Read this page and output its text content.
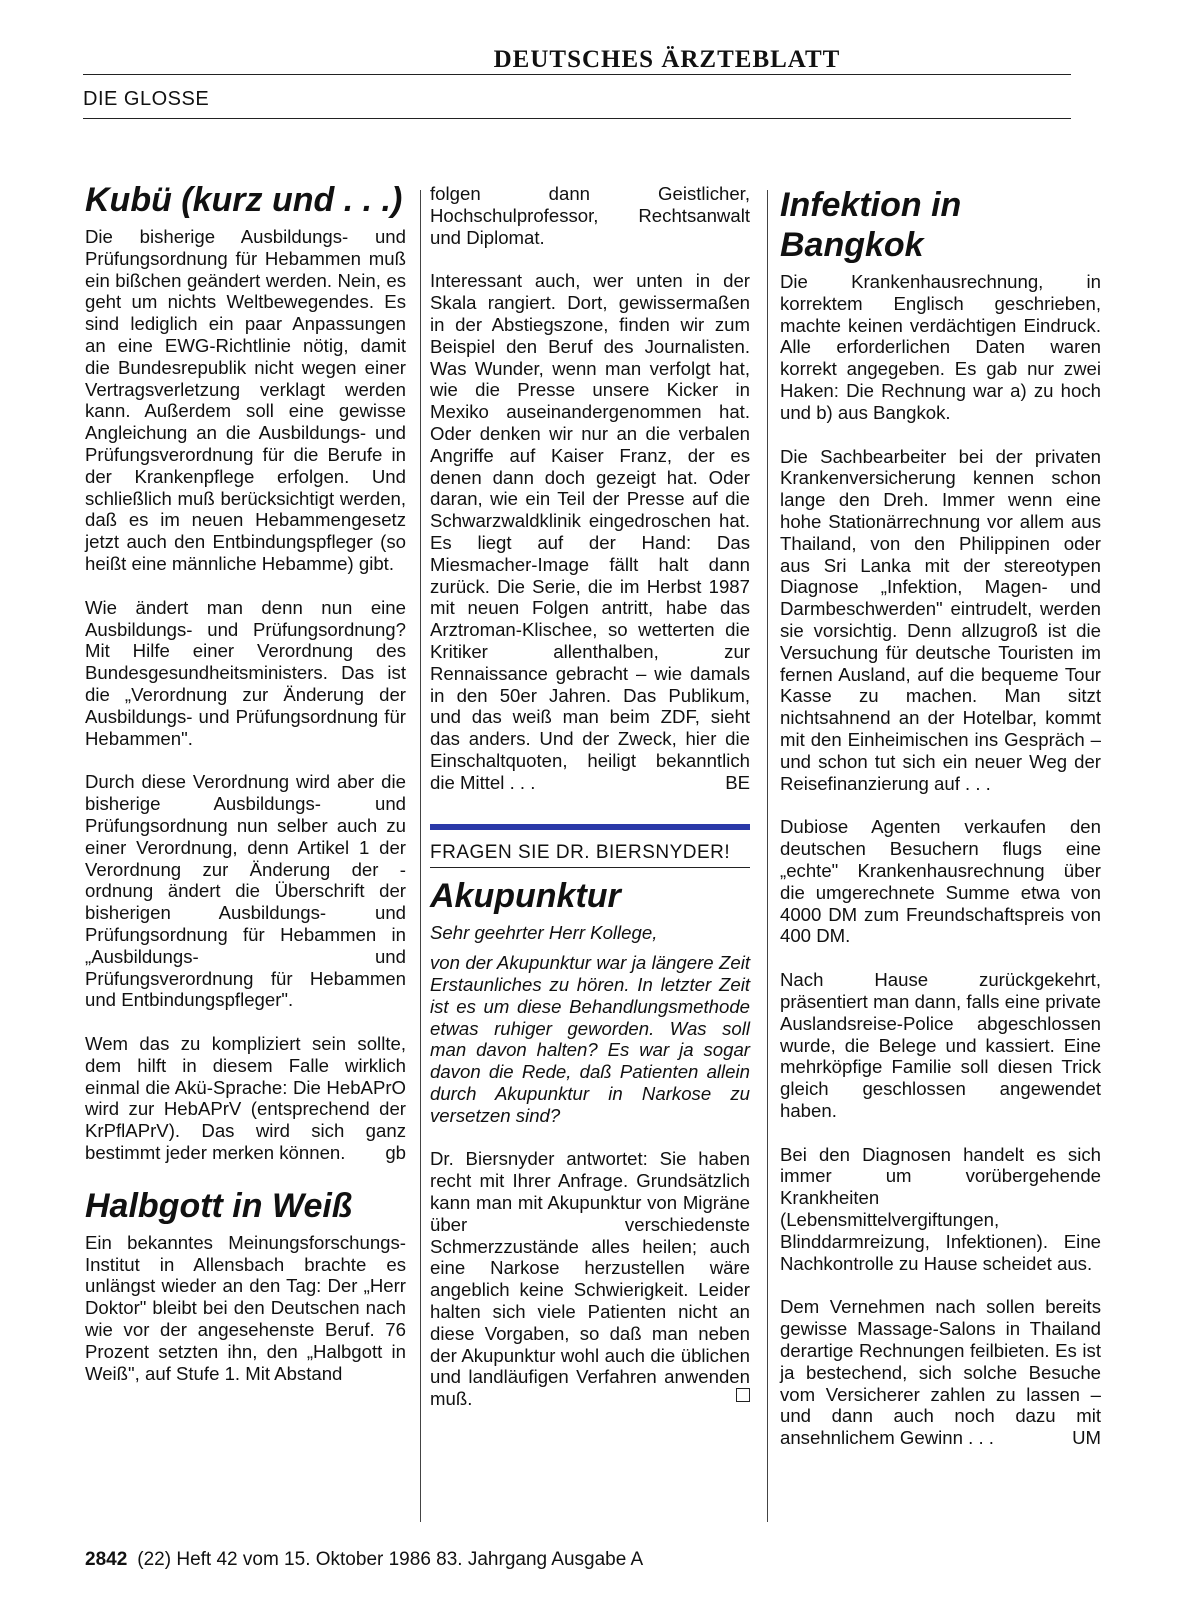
DEUTSCHES ÄRZTEBLATT
DIE GLOSSE
Kubü (kurz und . . .)

Die bisherige Ausbildungs- und Prüfungsordnung für Hebammen muß ein bißchen geändert werden. Nein, es geht um nichts Weltbewegendes. Es sind lediglich ein paar Anpassungen an eine EWG-Richtlinie nötig, damit die Bundesrepublik nicht wegen einer Vertragsverletzung verklagt werden kann. Außerdem soll eine gewisse Angleichung an die Ausbildungs- und Prüfungsverordnung für die Berufe in der Krankenpflege erfolgen. Und schließlich muß berücksichtigt werden, daß es im neuen Hebammengesetz jetzt auch den Entbindungspfleger (so heißt eine männliche Hebamme) gibt.

Wie ändert man denn nun eine Ausbildungs- und Prüfungsordnung? Mit Hilfe einer Verordnung des Bundesgesundheitsministers. Das ist die „Verordnung zur Änderung der Ausbildungs- und Prüfungsordnung für Hebammen".

Durch diese Verordnung wird aber die bisherige Ausbildungs- und Prüfungsordnung nun selber auch zu einer Verordnung, denn Artikel 1 der Verordnung zur Änderung der -ordnung ändert die Überschrift der bisherigen Ausbildungs- und Prüfungsordnung für Hebammen in „Ausbildungs- und Prüfungsverordnung für Hebammen und Entbindungspfleger".

Wem das zu kompliziert sein sollte, dem hilft in diesem Falle wirklich einmal die Akü-Sprache: Die HebAPrO wird zur HebAPrV (entsprechend der KrPflAPrV). Das wird sich ganz bestimmt jeder merken können. gb

Halbgott in Weiß

Ein bekanntes Meinungsforschungs-Institut in Allensbach brachte es unlängst wieder an den Tag: Der „Herr Doktor" bleibt bei den Deutschen nach wie vor der angesehenste Beruf. 76 Prozent setzten ihn, den „Halbgott in Weiß", auf Stufe 1. Mit Abstand

folgen dann Geistlicher, Hochschulprofessor, Rechtsanwalt und Diplomat.

Interessant auch, wer unten in der Skala rangiert. Dort, gewissermaßen in der Abstiegszone, finden wir zum Beispiel den Beruf des Journalisten. Was Wunder, wenn man verfolgt hat, wie die Presse unsere Kicker in Mexiko auseinandergenommen hat. Oder denken wir nur an die verbalen Angriffe auf Kaiser Franz, der es denen dann doch gezeigt hat. Oder daran, wie ein Teil der Presse auf die Schwarzwaldklinik eingedroschen hat. Es liegt auf der Hand: Das Miesmacher-Image fällt halt dann zurück. Die Serie, die im Herbst 1987 mit neuen Folgen antritt, habe das Arztroman-Klischee, so wetterten die Kritiker allenthalben, zur Rennaissance gebracht – wie damals in den 50er Jahren. Das Publikum, und das weiß man beim ZDF, sieht das anders. Und der Zweck, hier die Einschaltquoten, heiligt bekanntlich die Mittel . . .	BE

FRAGEN SIE DR. BIERSNYDER!
Akupunktur

Sehr geehrter Herr Kollege,

von der Akupunktur war ja längere Zeit Erstaunliches zu hören. In letzter Zeit ist es um diese Behandlungsmethode etwas ruhiger geworden. Was soll man davon halten? Es war ja sogar davon die Rede, daß Patienten allein durch Akupunktur in Narkose zu versetzen sind?

Dr. Biersnyder antwortet: Sie haben recht mit Ihrer Anfrage. Grundsätzlich kann man mit Akupunktur von Migräne über verschiedenste Schmerzzustände alles heilen; auch eine Narkose herzustellen wäre angeblich keine Schwierigkeit. Leider halten sich viele Patienten nicht an diese Vorgaben, so daß man neben der Akupunktur wohl auch die üblichen und landläufigen Verfahren anwenden muß.

Infektion in Bangkok

Die Krankenhausrechnung, in korrektem Englisch geschrieben, machte keinen verdächtigen Eindruck. Alle erforderlichen Daten waren korrekt angegeben. Es gab nur zwei Haken: Die Rechnung war a) zu hoch und b) aus Bangkok.

Die Sachbearbeiter bei der privaten Krankenversicherung kennen schon lange den Dreh. Immer wenn eine hohe Stationärrechnung vor allem aus Thailand, von den Philippinen oder aus Sri Lanka mit der stereotypen Diagnose „Infektion, Magen- und Darmbeschwerden" eintrudelt, werden sie vorsichtig. Denn allzugroß ist die Versuchung für deutsche Touristen im fernen Ausland, auf die bequeme Tour Kasse zu machen. Man sitzt nichtsahnend an der Hotelbar, kommt mit den Einheimischen ins Gespräch – und schon tut sich ein neuer Weg der Reisefinanzierung auf . . .

Dubiose Agenten verkaufen den deutschen Besuchern flugs eine „echte" Krankenhausrechnung über die umgerechnete Summe etwa von 4000 DM zum Freundschaftspreis von 400 DM.

Nach Hause zurückgekehrt, präsentiert man dann, falls eine private Auslandsreise-Police abgeschlossen wurde, die Belege und kassiert. Eine mehrköpfige Familie soll diesen Trick gleich geschlossen angewendet haben.

Bei den Diagnosen handelt es sich immer um vorübergehende Krankheiten (Lebensmittelvergiftungen, Blinddarmreizung, Infektionen). Eine Nachkontrolle zu Hause scheidet aus.

Dem Vernehmen nach sollen bereits gewisse Massage-Salons in Thailand derartige Rechnungen feilbieten. Es ist ja bestechend, sich solche Besuche vom Versicherer zahlen zu lassen – und dann auch noch dazu mit ansehnlichem Gewinn . . .	UM

2842 (22) Heft 42 vom 15. Oktober 1986 83. Jahrgang Ausgabe A
